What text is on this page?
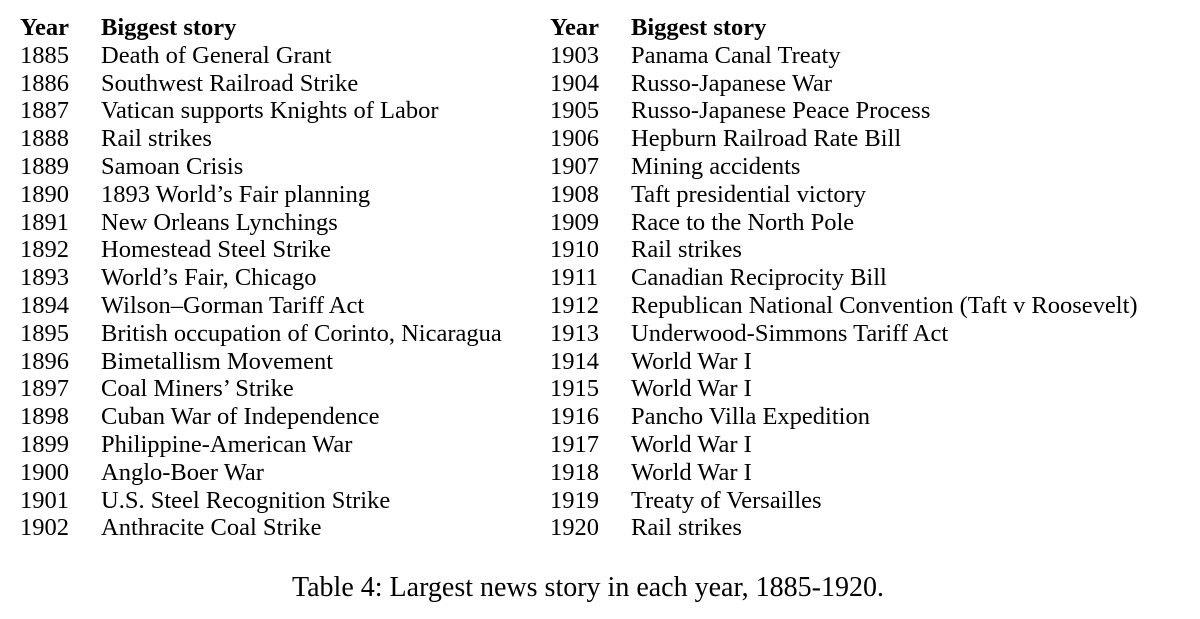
Year	Biggest story
1885	Death of General Grant
1886	Southwest Railroad Strike
1887	Vatican supports Knights of Labor
1888	Rail strikes
1889	Samoan Crisis
1890	1893 World’s Fair planning
1891	New Orleans Lynchings
1892	Homestead Steel Strike
1893	World’s Fair, Chicago
1894	Wilson–Gorman Tariff Act
1895	British occupation of Corinto, Nicaragua
1896	Bimetallism Movement
1897	Coal Miners’ Strike
1898	Cuban War of Independence
1899	Philippine-American War
1900	Anglo-Boer War
1901	U.S. Steel Recognition Strike
1902	Anthracite Coal Strike
Year	Biggest story
1903	Panama Canal Treaty
1904	Russo-Japanese War
1905	Russo-Japanese Peace Process
1906	Hepburn Railroad Rate Bill
1907	Mining accidents
1908	Taft presidential victory
1909	Race to the North Pole
1910	Rail strikes
1911	Canadian Reciprocity Bill
1912	Republican National Convention (Taft v Roosevelt)
1913	Underwood-Simmons Tariff Act
1914	World War I
1915	World War I
1916	Pancho Villa Expedition
1917	World War I
1918	World War I
1919	Treaty of Versailles
1920	Rail strikes
Table 4: Largest news story in each year, 1885-1920.
